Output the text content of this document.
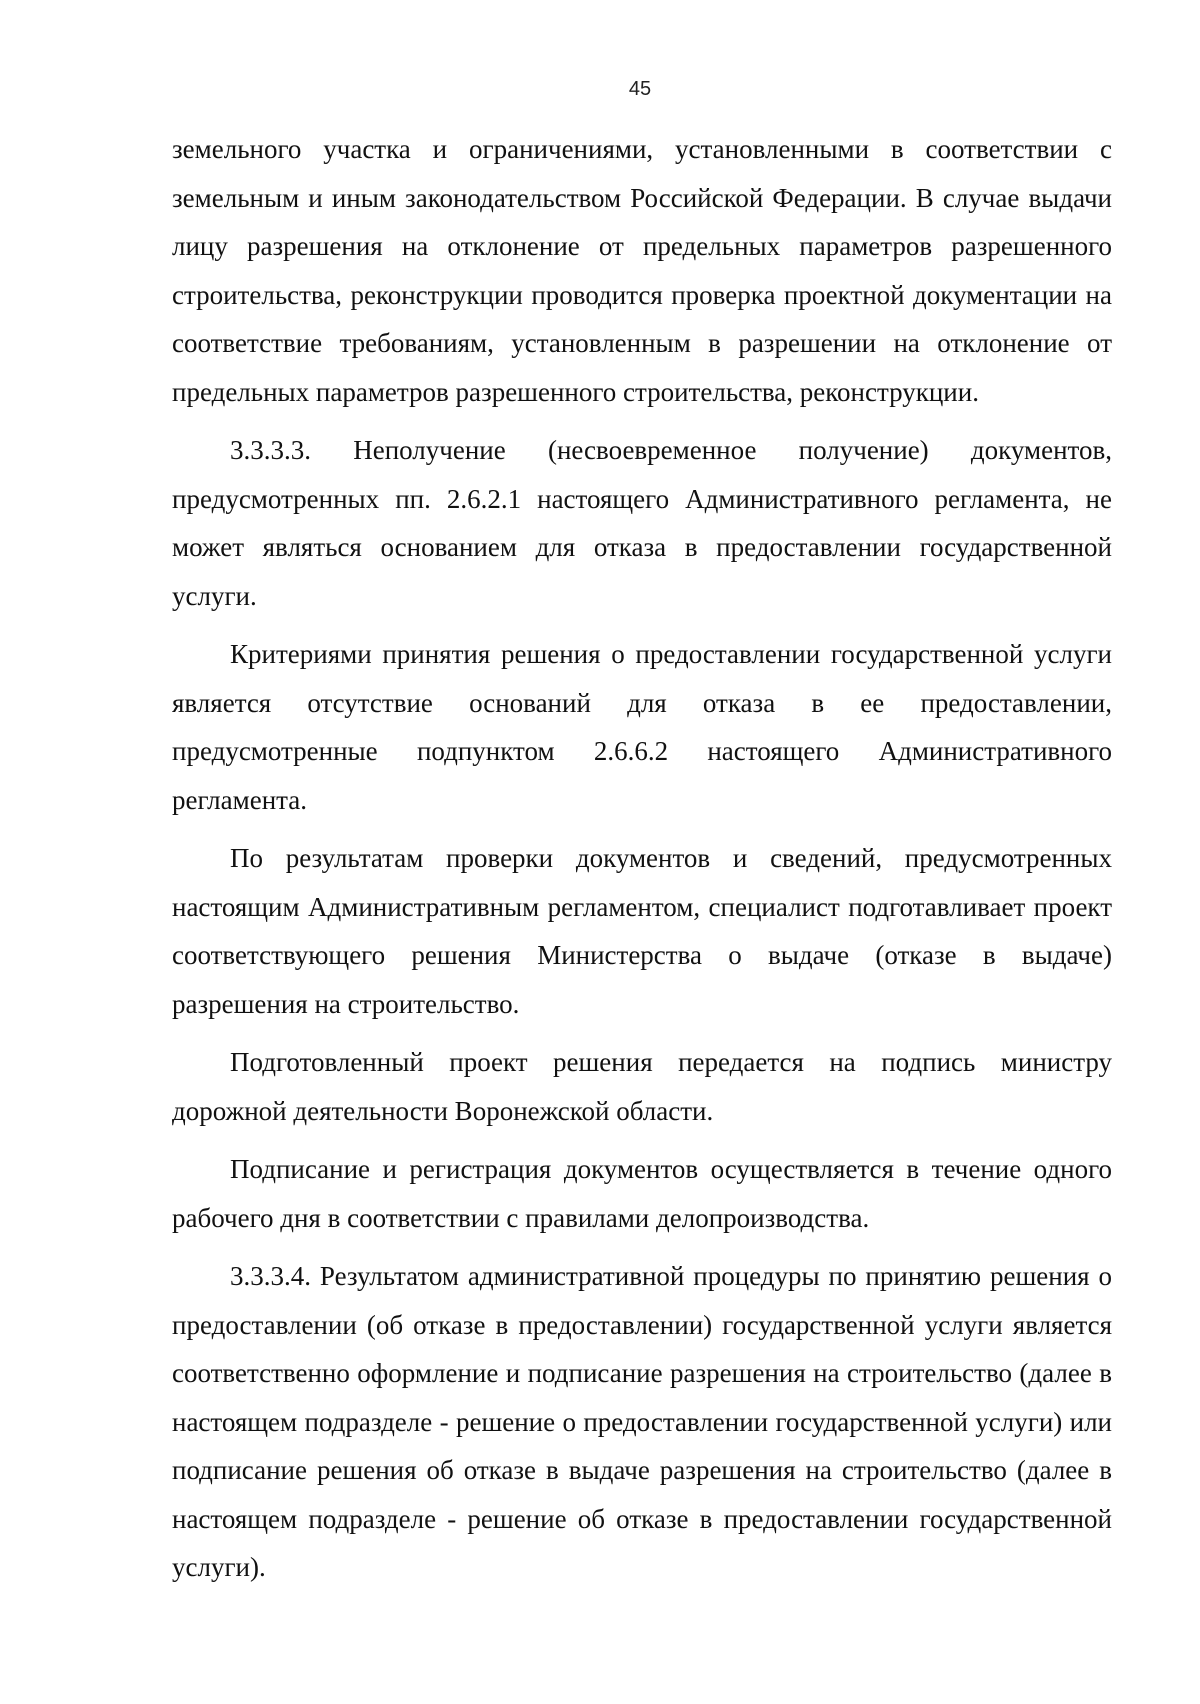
45

земельного участка и ограничениями, установленными в соответствии с земельным и иным законодательством Российской Федерации. В случае выдачи лицу разрешения на отклонение от предельных параметров разрешенного строительства, реконструкции проводится проверка проектной документации на соответствие требованиям, установленным в разрешении на отклонение от предельных параметров разрешенного строительства, реконструкции.

3.3.3.3. Неполучение (несвоевременное получение) документов, предусмотренных пп. 2.6.2.1 настоящего Административного регламента, не может являться основанием для отказа в предоставлении государственной услуги.

Критериями принятия решения о предоставлении государственной услуги является отсутствие оснований для отказа в ее предоставлении, предусмотренные подпунктом 2.6.6.2 настоящего Административного регламента.

По результатам проверки документов и сведений, предусмотренных настоящим Административным регламентом, специалист подготавливает проект соответствующего решения Министерства о выдаче (отказе в выдаче) разрешения на строительство.

Подготовленный проект решения передается на подпись министру дорожной деятельности Воронежской области.

Подписание и регистрация документов осуществляется в течение одного рабочего дня в соответствии с правилами делопроизводства.

3.3.3.4. Результатом административной процедуры по принятию решения о предоставлении (об отказе в предоставлении) государственной услуги является соответственно оформление и подписание разрешения на строительство (далее в настоящем подразделе - решение о предоставлении государственной услуги) или подписание решения об отказе в выдаче разрешения на строительство (далее в настоящем подразделе - решение об отказе в предоставлении государственной услуги).
